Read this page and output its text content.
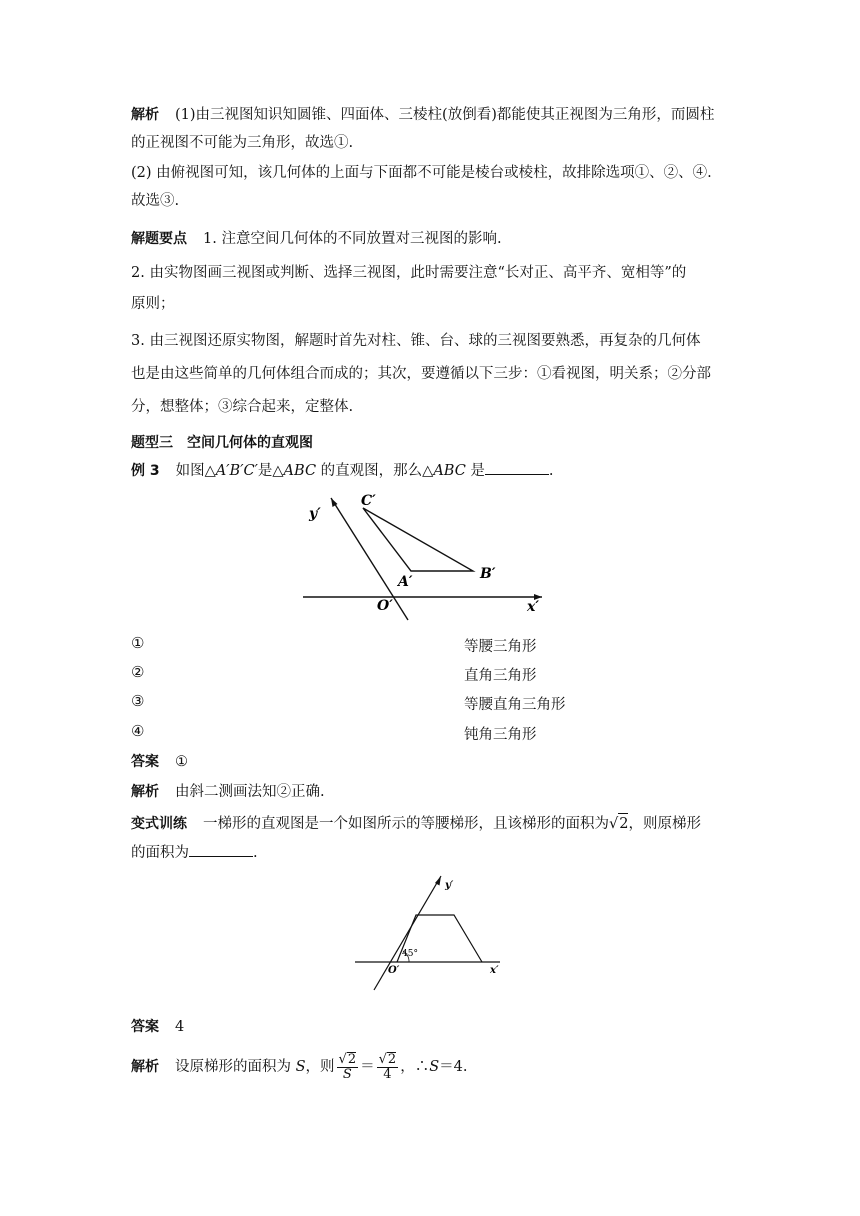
解析 (1)由三视图知识知圆锥、四面体、三棱柱(放倒看)都能使其正视图为三角形，而圆柱
的正视图不可能为三角形，故选①.
(2) 由俯视图可知，该几何体的上面与下面都不可能是棱台或棱柱，故排除选项①、②、④.
故选③.
解题要点 1. 注意空间几何体的不同放置对三视图的影响.
2. 由实物图画三视图或判断、选择三视图，此时需要注意“长对正、高平齐、宽相等”的
原则；
3. 由三视图还原实物图，解题时首先对柱、锥、台、球的三视图要熟悉，再复杂的几何体
也是由这些简单的几何体组合而成的；其次，要遵循以下三步：①看视图，明关系；②分部
分，想整体；③综合起来，定整体.
题型三　空间几何体的直观图
例 3 如图△A′B′C′是△ABC 的直观图，那么△ABC 是	.
y′
x′
O′
A′	B′
C′
①	等腰三角形
②	直角三角形
③	等腰直角三角形
④	钝角三角形
答案 ①
解析 由斜二测画法知②正确.
变式训练 一梯形的直观图是一个如图所示的等腰梯形，且该梯形的面积为√2，则原梯形
的面积为	.
y′
x′
O′
45°
答案 4
解析 设原梯形的面积为 S，则 $\frac{√2}{S} = \frac{√2}{4}$ ，∴S＝4.
